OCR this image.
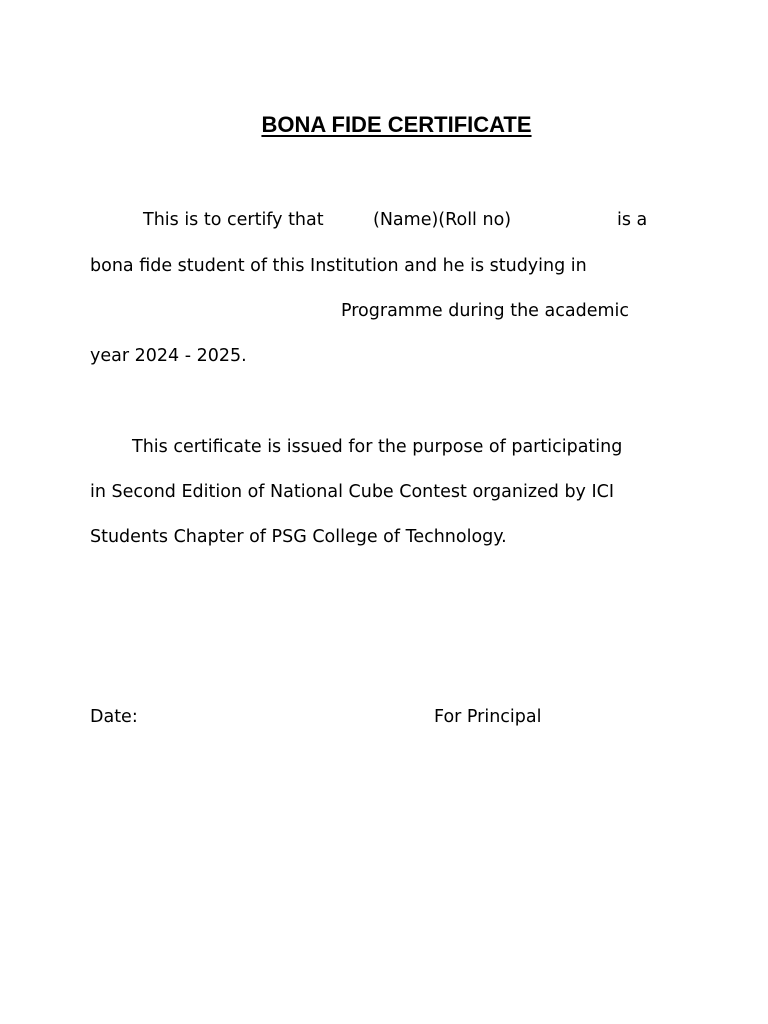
BONA FIDE CERTIFICATE
This is to certify that	(Name)(Roll no)	is a
bona fide student of this Institution and he is studying in
Programme during the academic
year 2024 - 2025.
This certificate is issued for the purpose of participating
in Second Edition of National Cube Contest organized by ICI
Students Chapter of PSG College of Technology.
Date:	For Principal
